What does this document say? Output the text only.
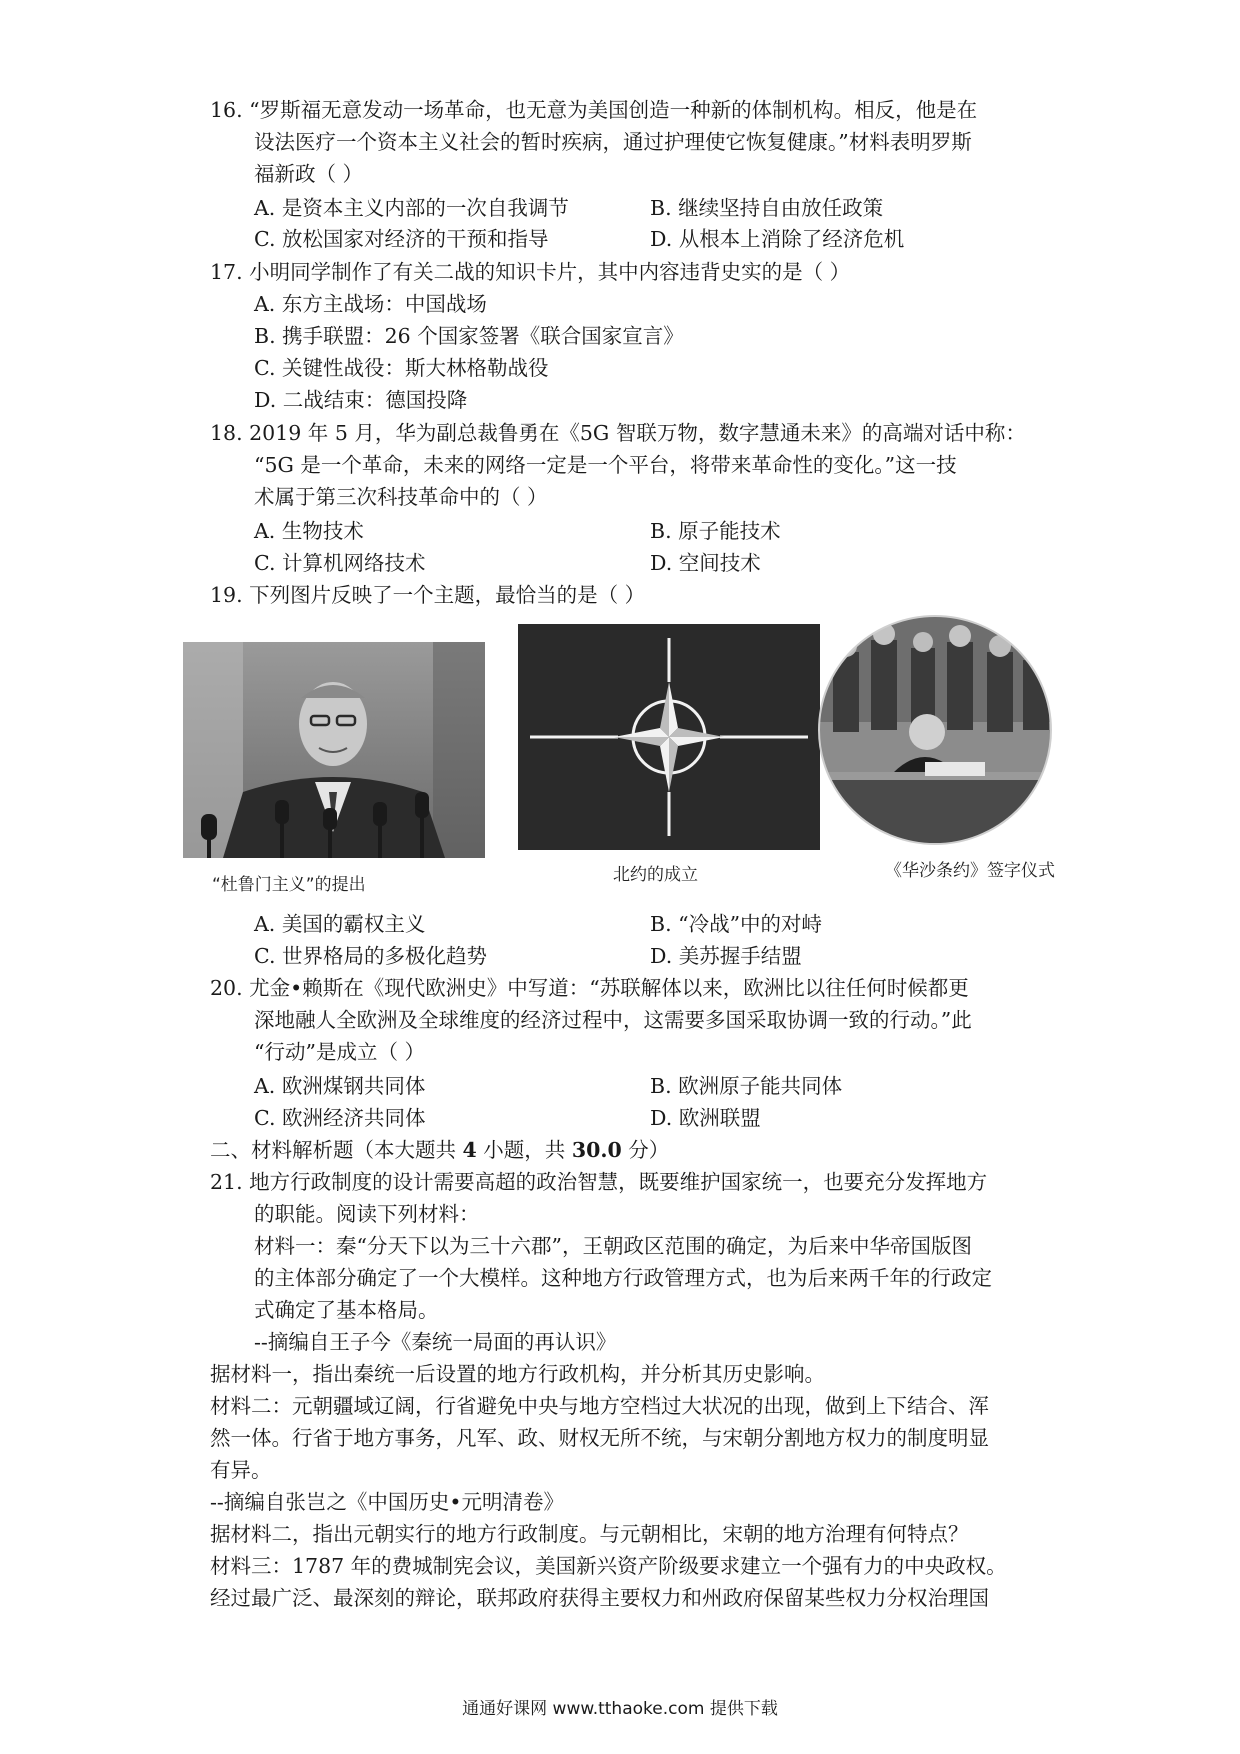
16. “罗斯福无意发动一场革命，也无意为美国创造一种新的体制机构。相反，他是在
设法医疗一个资本主义社会的暂时疾病，通过护理使它恢复健康。”材料表明罗斯
福新政（ ）
A. 是资本主义内部的一次自我调节	B. 继续坚持自由放任政策
C. 放松国家对经济的干预和指导	D. 从根本上消除了经济危机
17. 小明同学制作了有关二战的知识卡片，其中内容违背史实的是（ ）
A. 东方主战场：中国战场
B. 携手联盟：26 个国家签署《联合国家宣言》
C. 关键性战役：斯大林格勒战役
D. 二战结束：德国投降
18. 2019 年 5 月，华为副总裁鲁勇在《5G 智联万物，数字慧通未来》的高端对话中称：
“5G 是一个革命，未来的网络一定是一个平台，将带来革命性的变化。”这一技
术属于第三次科技革命中的（ ）
A. 生物技术	B. 原子能技术
C. 计算机网络技术	D. 空间技术
19. 下列图片反映了一个主题，最恰当的是（ ）
“杜鲁门主义”的提出	北约的成立	《华沙条约》签字仪式
A. 美国的霸权主义	B. “冷战”中的对峙
C. 世界格局的多极化趋势	D. 美苏握手结盟
20. 尤金•赖斯在《现代欧洲史》中写道：“苏联解体以来，欧洲比以往任何时候都更
深地融人全欧洲及全球维度的经济过程中，这需要多国采取协调一致的行动。”此
“行动”是成立（ ）
A. 欧洲煤钢共同体	B. 欧洲原子能共同体
C. 欧洲经济共同体	D. 欧洲联盟
二、材料解析题（本大题共 4 小题，共 30.0 分）
21. 地方行政制度的设计需要高超的政治智慧，既要维护国家统一，也要充分发挥地方
的职能。阅读下列材料：
材料一：秦“分天下以为三十六郡”，王朝政区范围的确定，为后来中华帝国版图
的主体部分确定了一个大模样。这种地方行政管理方式，也为后来两千年的行政定
式确定了基本格局。
--摘编自王子今《秦统一局面的再认识》
据材料一，指出秦统一后设置的地方行政机构，并分析其历史影响。
材料二：元朝疆域辽阔，行省避免中央与地方空档过大状况的出现，做到上下结合、浑
然一体。行省于地方事务，凡军、政、财权无所不统，与宋朝分割地方权力的制度明显
有异。
--摘编自张岂之《中国历史•元明清卷》
据材料二，指出元朝实行的地方行政制度。与元朝相比，宋朝的地方治理有何特点？
材料三：1787 年的费城制宪会议，美国新兴资产阶级要求建立一个强有力的中央政权。
经过最广泛、最深刻的辩论，联邦政府获得主要权力和州政府保留某些权力分权治理国
通通好课网 www.tthaoke.com 提供下载
